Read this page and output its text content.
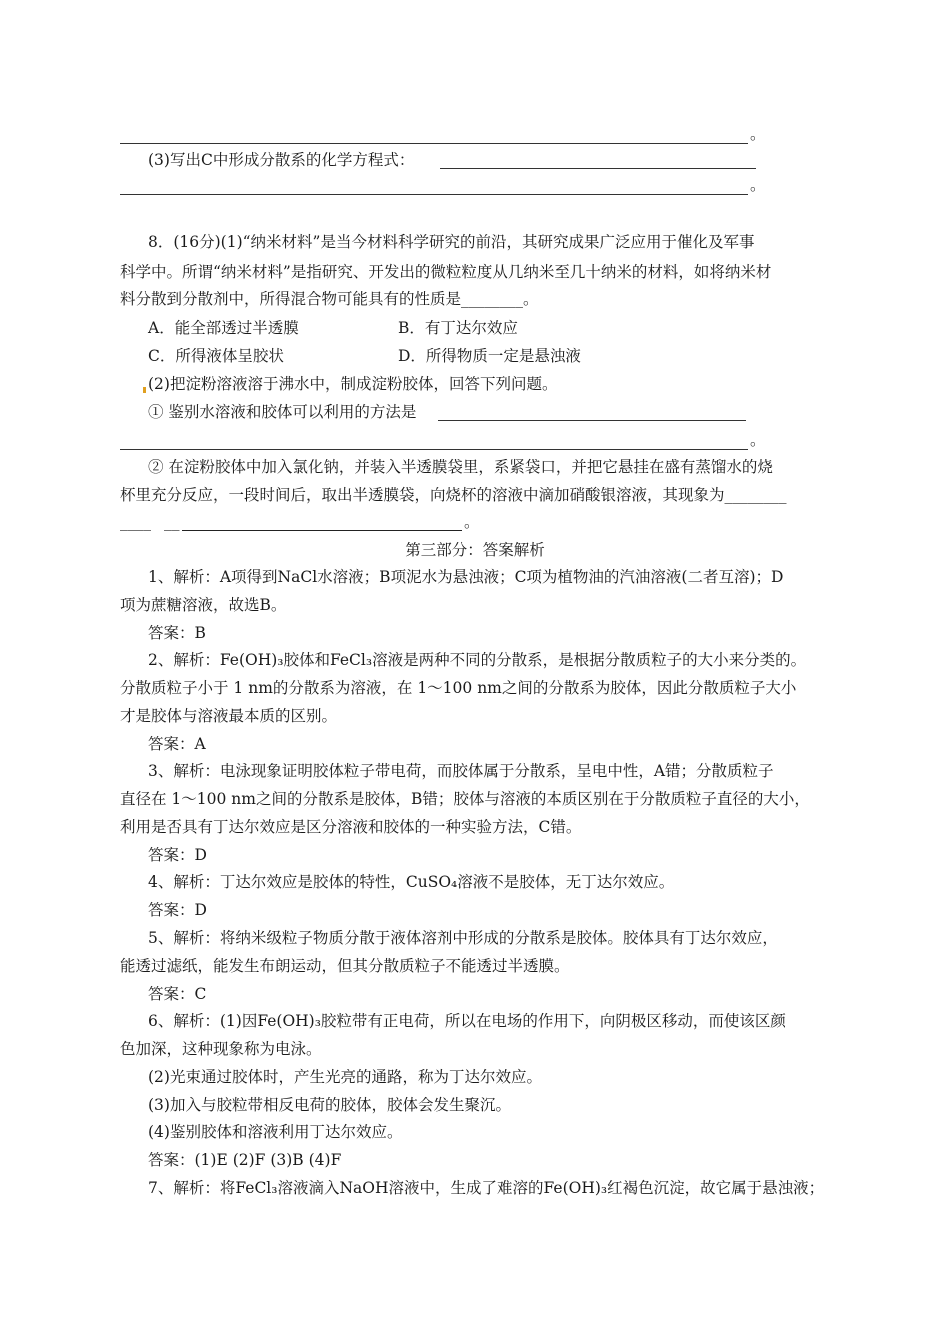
。
(3)写出C中形成分散系的化学方程式：
。
8．(16分)(1)“纳米材料”是当今材料科学研究的前沿，其研究成果广泛应用于催化及军事
科学中。所谓“纳米材料”是指研究、开发出的微粒粒度从几纳米至几十纳米的材料，如将纳米材
料分散到分散剂中，所得混合物可能具有的性质是________。
A．能全部透过半透膜	B．有丁达尔效应
C．所得液体呈胶状	D．所得物质一定是悬浊液
(2)把淀粉溶液溶于沸水中，制成淀粉胶体，回答下列问题。
① 鉴别水溶液和胶体可以利用的方法是
。
② 在淀粉胶体中加入氯化钠，并装入半透膜袋里，系紧袋口，并把它悬挂在盛有蒸馏水的烧
杯里充分反应，一段时间后，取出半透膜袋，向烧杯的溶液中滴加硝酸银溶液，其现象为________
____ __	。
第三部分：答案解析
1、解析：A项得到NaCl水溶液；B项泥水为悬浊液；C项为植物油的汽油溶液(二者互溶)；D
项为蔗糖溶液，故选B。
答案：B
2、解析：Fe(OH)₃胶体和FeCl₃溶液是两种不同的分散系，是根据分散质粒子的大小来分类的。
分散质粒子小于 1 nm的分散系为溶液，在 1～100 nm之间的分散系为胶体，因此分散质粒子大小
才是胶体与溶液最本质的区别。
答案：A
3、解析：电泳现象证明胶体粒子带电荷，而胶体属于分散系，呈电中性，A错；分散质粒子
直径在 1～100 nm之间的分散系是胶体，B错；胶体与溶液的本质区别在于分散质粒子直径的大小，
利用是否具有丁达尔效应是区分溶液和胶体的一种实验方法，C错。
答案：D
4、解析：丁达尔效应是胶体的特性，CuSO₄溶液不是胶体，无丁达尔效应。
答案：D
5、解析：将纳米级粒子物质分散于液体溶剂中形成的分散系是胶体。胶体具有丁达尔效应，
能透过滤纸，能发生布朗运动，但其分散质粒子不能透过半透膜。
答案：C
6、解析：(1)因Fe(OH)₃胶粒带有正电荷，所以在电场的作用下，向阴极区移动，而使该区颜
色加深，这种现象称为电泳。
(2)光束通过胶体时，产生光亮的通路，称为丁达尔效应。
(3)加入与胶粒带相反电荷的胶体，胶体会发生聚沉。
(4)鉴别胶体和溶液利用丁达尔效应。
答案：(1)E (2)F (3)B (4)F
7、解析：将FeCl₃溶液滴入NaOH溶液中，生成了难溶的Fe(OH)₃红褐色沉淀，故它属于悬浊液；
